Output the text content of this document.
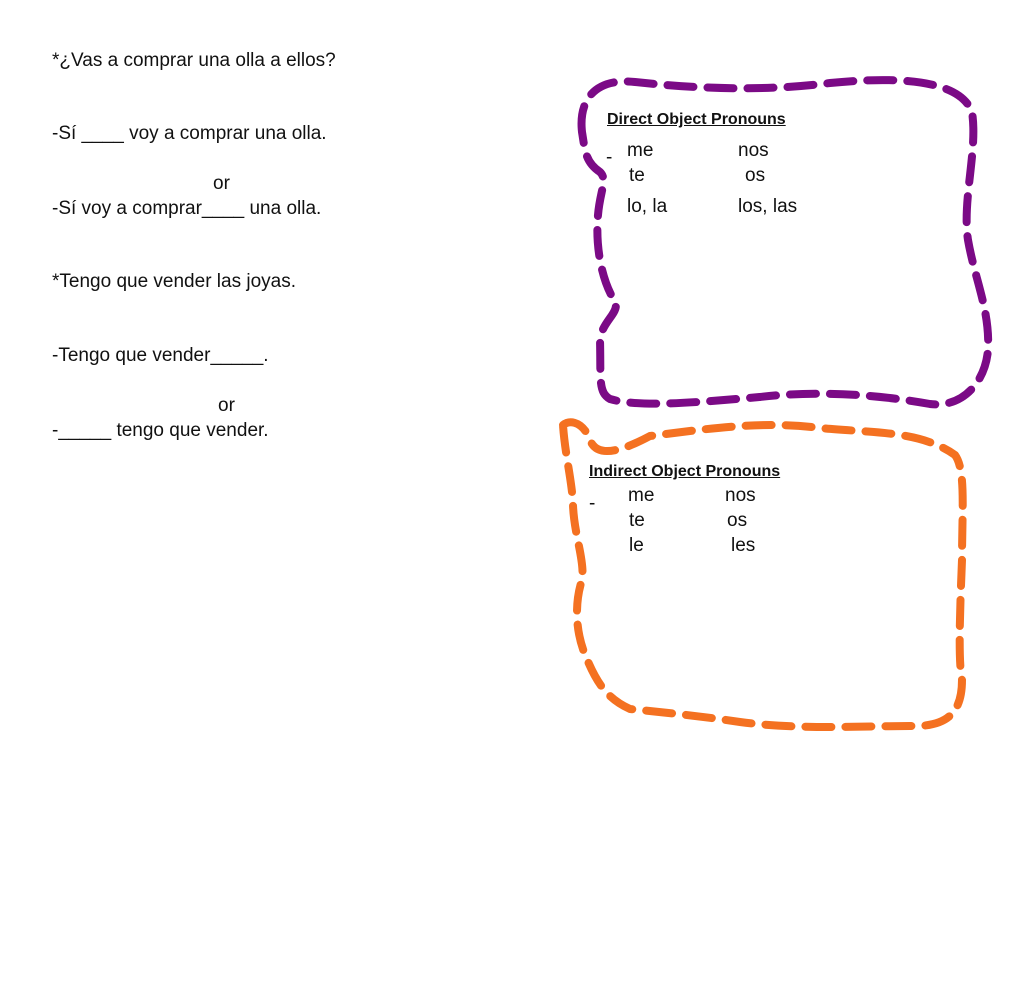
*¿Vas a comprar una olla a ellos?
-Sí ____ voy a comprar una olla.
or
-Sí voy a comprar____ una olla.
*Tengo que vender las joyas.
-Tengo que vender_____.
or
-_____ tengo que vender.
Direct Object Pronouns
- me
te
lo, la
nos
os
los, las
Indirect Object Pronouns
- me
te
le
nos
os
les
